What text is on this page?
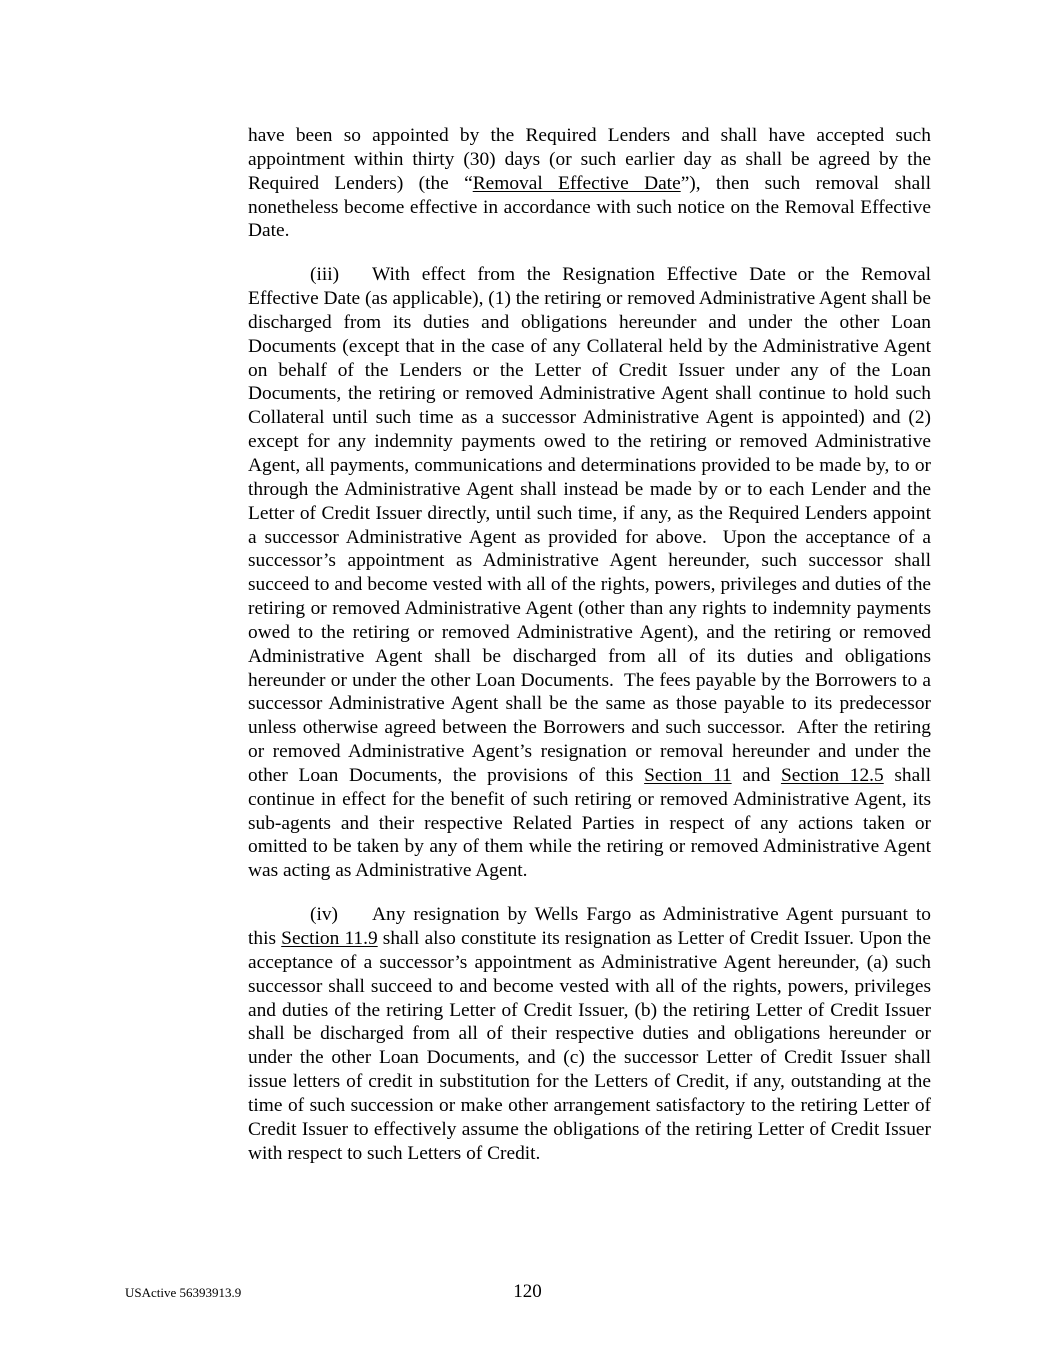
have been so appointed by the Required Lenders and shall have accepted such appointment within thirty (30) days (or such earlier day as shall be agreed by the Required Lenders) (the “Removal Effective Date”), then such removal shall nonetheless become effective in accordance with such notice on the Removal Effective Date.

(iii) With effect from the Resignation Effective Date or the Removal Effective Date (as applicable), (1) the retiring or removed Administrative Agent shall be discharged from its duties and obligations hereunder and under the other Loan Documents (except that in the case of any Collateral held by the Administrative Agent on behalf of the Lenders or the Letter of Credit Issuer under any of the Loan Documents, the retiring or removed Administrative Agent shall continue to hold such Collateral until such time as a successor Administrative Agent is appointed) and (2) except for any indemnity payments owed to the retiring or removed Administrative Agent, all payments, communications and determinations provided to be made by, to or through the Administrative Agent shall instead be made by or to each Lender and the Letter of Credit Issuer directly, until such time, if any, as the Required Lenders appoint a successor Administrative Agent as provided for above.  Upon the acceptance of a successor’s appointment as Administrative Agent hereunder, such successor shall succeed to and become vested with all of the rights, powers, privileges and duties of the retiring or removed Administrative Agent (other than any rights to indemnity payments owed to the retiring or removed Administrative Agent), and the retiring or removed Administrative Agent shall be discharged from all of its duties and obligations hereunder or under the other Loan Documents.  The fees payable by the Borrowers to a successor Administrative Agent shall be the same as those payable to its predecessor unless otherwise agreed between the Borrowers and such successor.  After the retiring or removed Administrative Agent’s resignation or removal hereunder and under the other Loan Documents, the provisions of this Section 11 and Section 12.5 shall continue in effect for the benefit of such retiring or removed Administrative Agent, its sub-agents and their respective Related Parties in respect of any actions taken or omitted to be taken by any of them while the retiring or removed Administrative Agent was acting as Administrative Agent.

(iv) Any resignation by Wells Fargo as Administrative Agent pursuant to this Section 11.9 shall also constitute its resignation as Letter of Credit Issuer. Upon the acceptance of a successor’s appointment as Administrative Agent hereunder, (a) such successor shall succeed to and become vested with all of the rights, powers, privileges and duties of the retiring Letter of Credit Issuer, (b) the retiring Letter of Credit Issuer shall be discharged from all of their respective duties and obligations hereunder or under the other Loan Documents, and (c) the successor Letter of Credit Issuer shall issue letters of credit in substitution for the Letters of Credit, if any, outstanding at the time of such succession or make other arrangement satisfactory to the retiring Letter of Credit Issuer to effectively assume the obligations of the retiring Letter of Credit Issuer with respect to such Letters of Credit.

USActive 56393913.9	120
